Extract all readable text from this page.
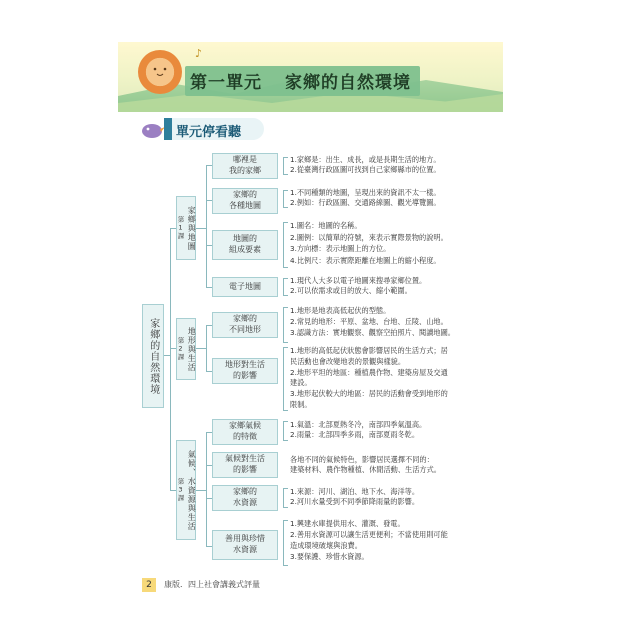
♪
第一單元 家鄉的自然環境
單元停看聽
家鄉的自然環境
家鄉與地圖
第1課
哪裡是
我的家鄉
1.家鄉是：出生、成長，或是長期生活的地方。
2.從臺灣行政區圖可找到自己家鄉縣市的位置。
家鄉的
各種地圖
1.不同種類的地圖，呈現出來的資訊不太一樣。
2.例如：行政區圖、交通路線圖、觀光導覽圖。
地圖的
組成要素
1.圖名：地圖的名稱。
2.圖例：以簡單的符號，來表示實際景物的說明。
3.方向標：表示地圖上的方位。
4.比例尺：表示實際距離在地圖上的縮小程度。
電子地圖
1.現代人大多以電子地圖來搜尋家鄉位置。
2.可以依需求或目的放大、縮小範圍。
地形與生活
第2課
家鄉的
不同地形
1.地形是地表高低起伏的型態。
2.常見的地形：平原、盆地、台地、丘陵、山地。
3.認識方法：實地觀察、觀察空拍照片、閱讀地圖。
地形對生活
的影響
1.地形的高低起伏狀態會影響居民的生活方式；居
民活動也會改變地表的景觀與樣貌。
2.地形平坦的地區：種植農作物、建築房屋及交通
建設。
3.地形起伏較大的地區：居民的活動會受到地形的
限制。
氣候、水資源與生活
第3課
家鄉氣候
的特徵
1.氣溫：北部夏熱冬冷，南部四季氣溫高。
2.雨量：北部四季多雨，南部夏雨冬乾。
氣候對生活
的影響
各地不同的氣候特色，影響居民選擇不同的：
建築材料、農作物種植、休閒活動、生活方式。
家鄉的
水資源
1.來源：河川、湖泊、地下水、海洋等。
2.河川水量受到不同季節降雨量的影響。
善用與珍惜
水資源
1.興建水庫提供用水、灌溉、發電。
2.善用水資源可以讓生活更便利；不當使用則可能
造成環境破壞與浪費。
3.要保護、珍惜水資源。
2	康版．四上社會講義式評量
